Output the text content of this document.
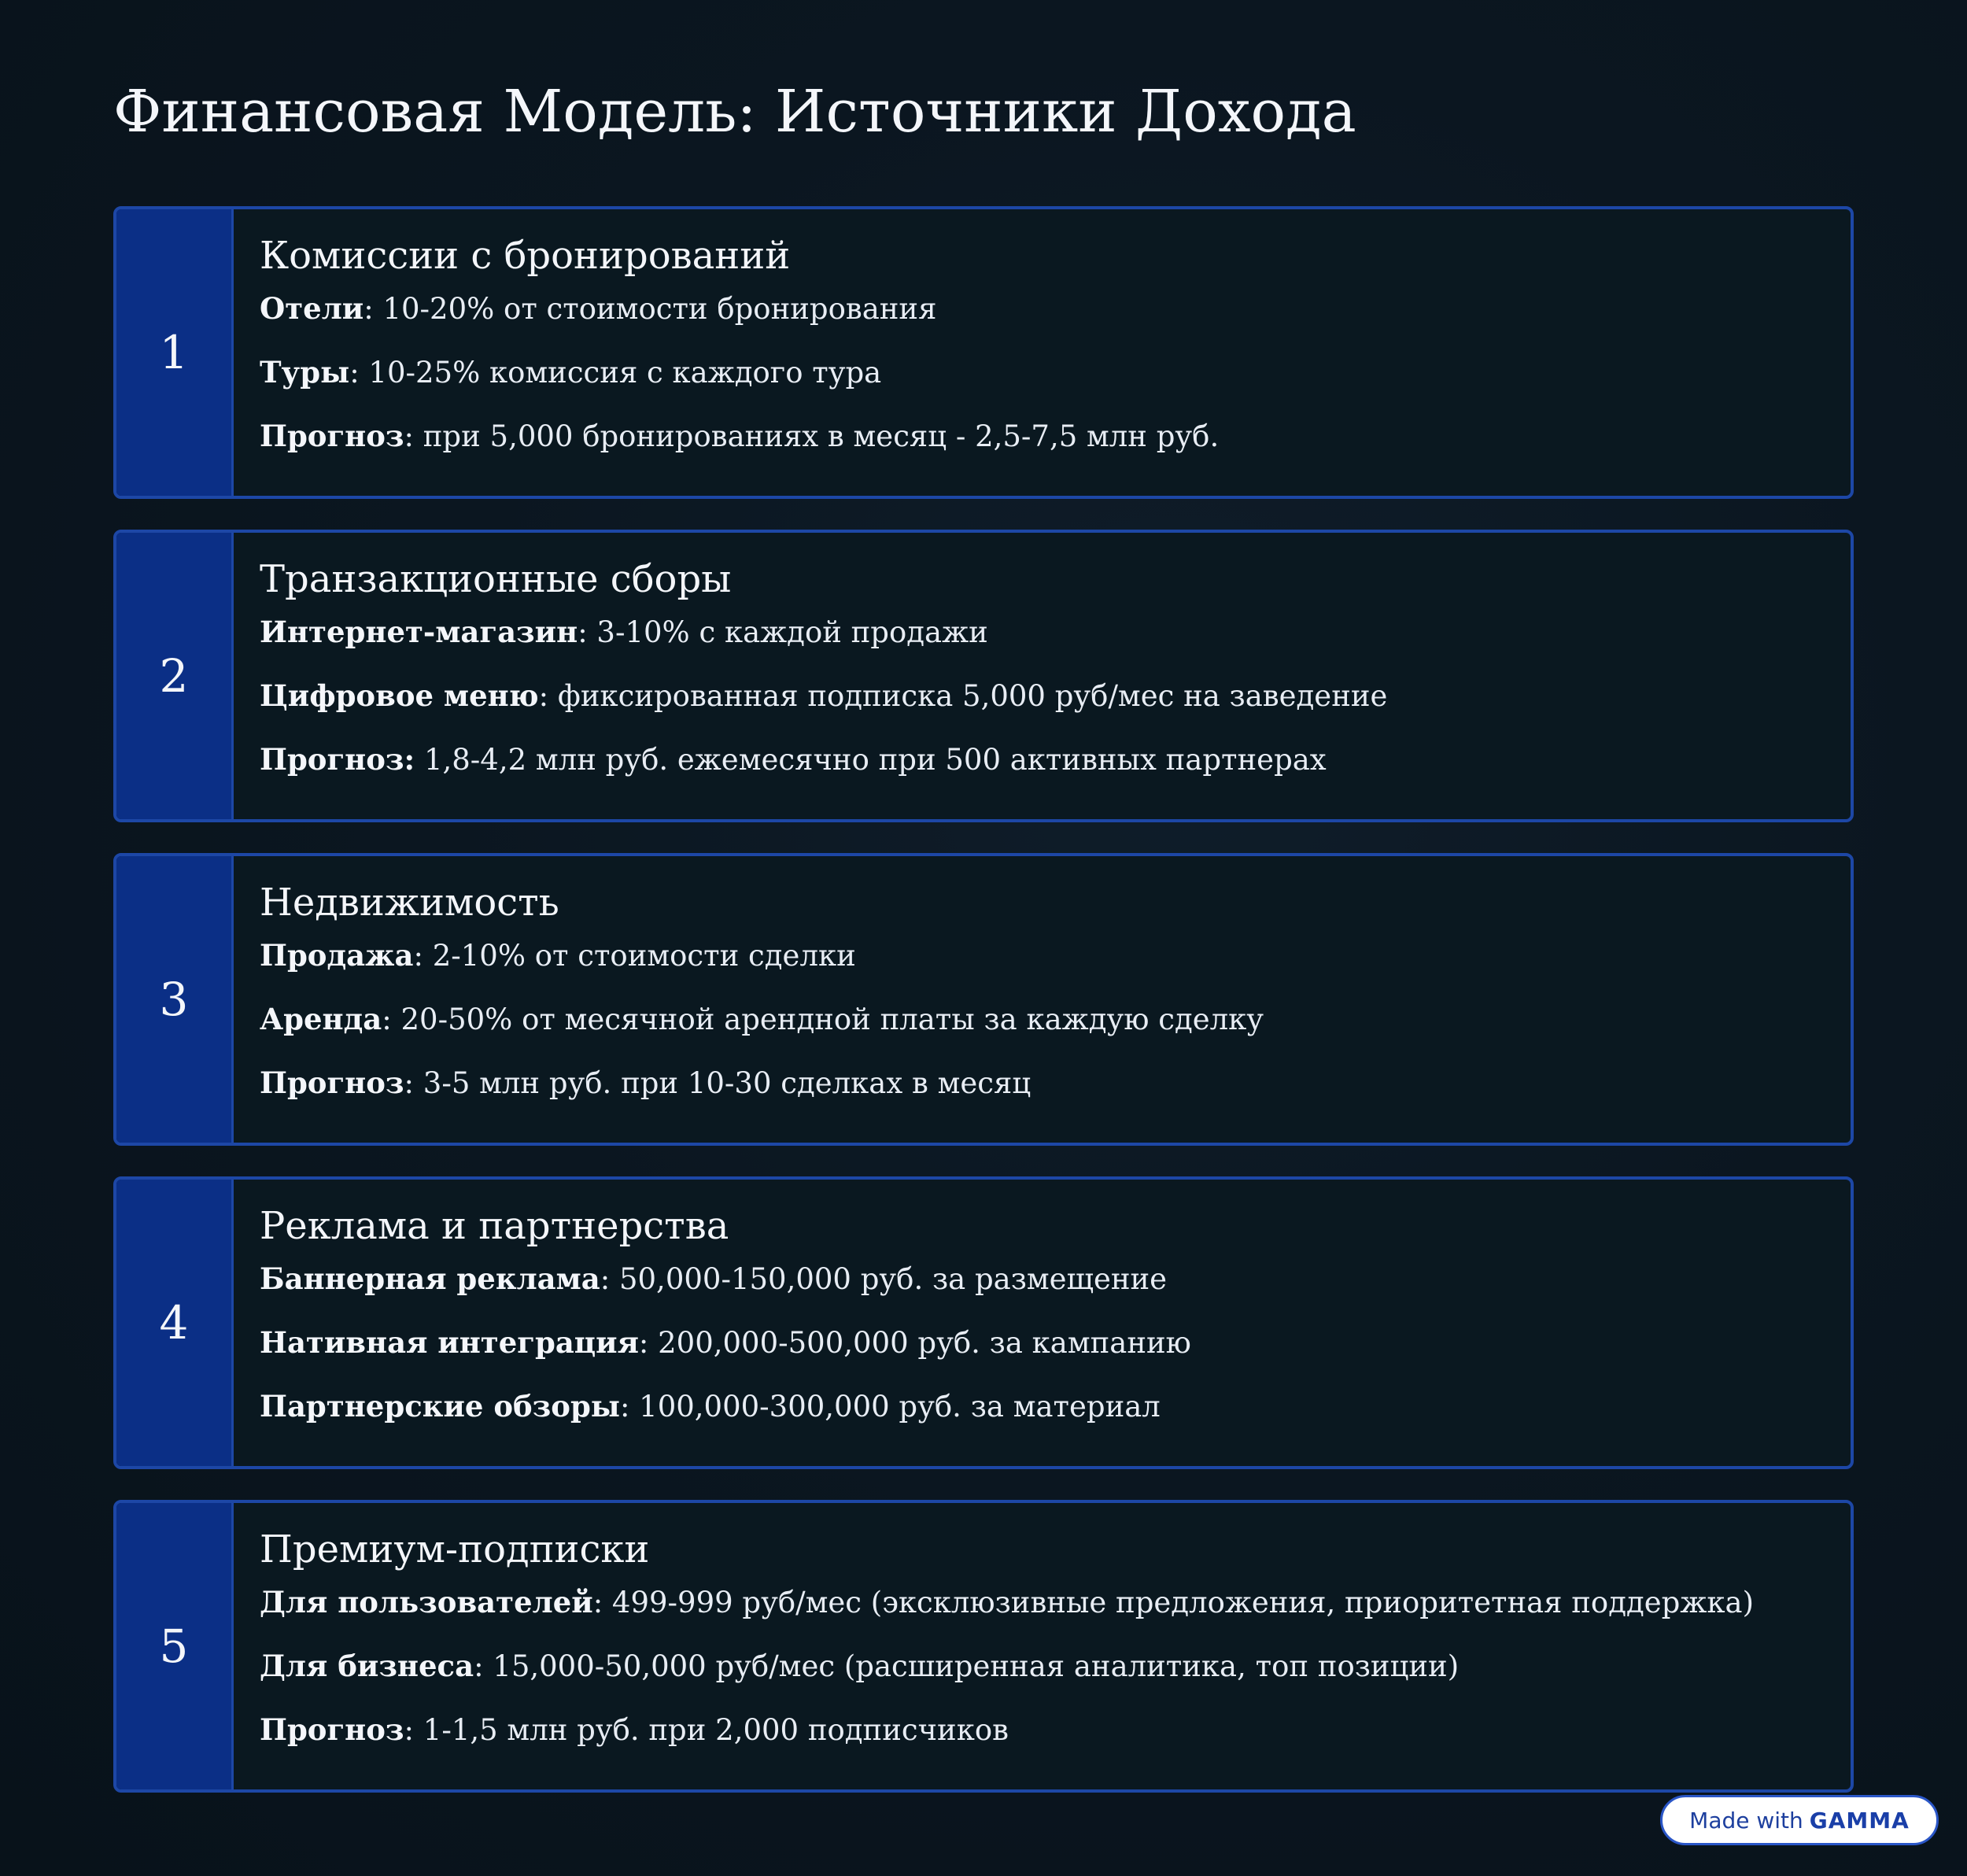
Финансовая Модель: Источники Дохода
1
Комиссии с бронирований
Отели: 10-20% от стоимости бронирования
Туры: 10-25% комиссия с каждого тура
Прогноз: при 5,000 бронированиях в месяц - 2,5-7,5 млн руб.
2
Транзакционные сборы
Интернет-магазин: 3-10% с каждой продажи
Цифровое меню: фиксированная подписка 5,000 руб/мес на заведение
Прогноз: 1,8-4,2 млн руб. ежемесячно при 500 активных партнерах
3
Недвижимость
Продажа: 2-10% от стоимости сделки
Аренда: 20-50% от месячной арендной платы за каждую сделку
Прогноз: 3-5 млн руб. при 10-30 сделках в месяц
4
Реклама и партнерства
Баннерная реклама: 50,000-150,000 руб. за размещение
Нативная интеграция: 200,000-500,000 руб. за кампанию
Партнерские обзоры: 100,000-300,000 руб. за материал
5
Премиум-подписки
Для пользователей: 499-999 руб/мес (эксклюзивные предложения, приоритетная поддержка)
Для бизнеса: 15,000-50,000 руб/мес (расширенная аналитика, топ позиции)
Прогноз: 1-1,5 млн руб. при 2,000 подписчиков
Made with GAMMA
